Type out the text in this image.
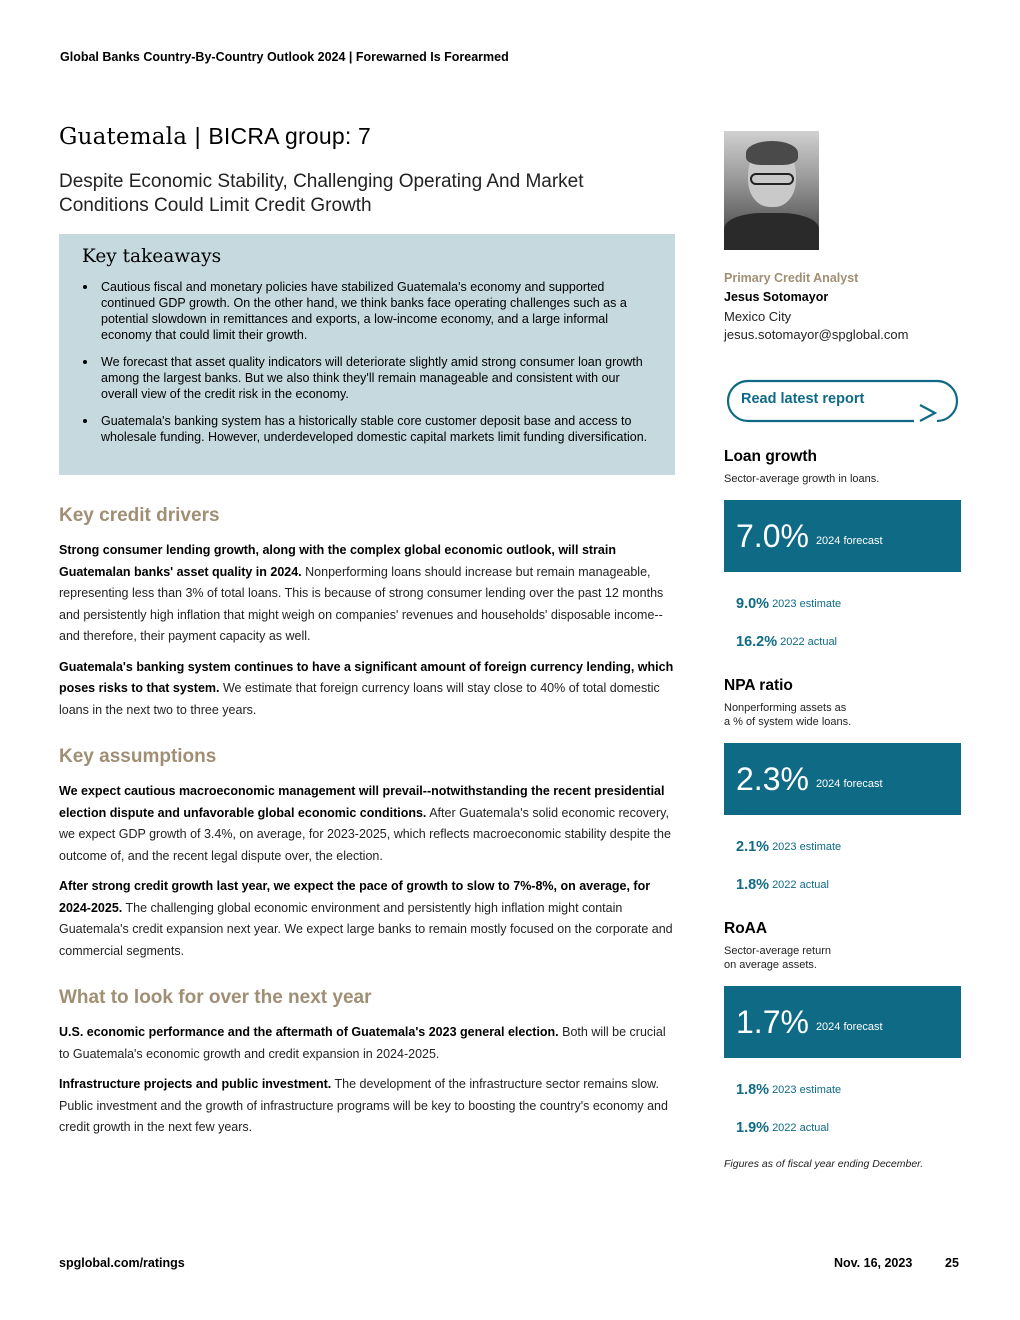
Global Banks Country-By-Country Outlook 2024 | Forewarned Is Forearmed
Guatemala | BICRA group: 7
Despite Economic Stability, Challenging Operating And Market Conditions Could Limit Credit Growth
Key takeaways
Cautious fiscal and monetary policies have stabilized Guatemala's economy and supported continued GDP growth. On the other hand, we think banks face operating challenges such as a potential slowdown in remittances and exports, a low-income economy, and a large informal economy that could limit their growth.
We forecast that asset quality indicators will deteriorate slightly amid strong consumer loan growth among the largest banks. But we also think they'll remain manageable and consistent with our overall view of the credit risk in the economy.
Guatemala's banking system has a historically stable core customer deposit base and access to wholesale funding. However, underdeveloped domestic capital markets limit funding diversification.
Key credit drivers

Strong consumer lending growth, along with the complex global economic outlook, will strain Guatemalan banks' asset quality in 2024. Nonperforming loans should increase but remain manageable, representing less than 3% of total loans. This is because of strong consumer lending over the past 12 months and persistently high inflation that might weigh on companies' revenues and households' disposable income--and therefore, their payment capacity as well.

Guatemala's banking system continues to have a significant amount of foreign currency lending, which poses risks to that system. We estimate that foreign currency loans will stay close to 40% of total domestic loans in the next two to three years.

Key assumptions

We expect cautious macroeconomic management will prevail--notwithstanding the recent presidential election dispute and unfavorable global economic conditions. After Guatemala's solid economic recovery, we expect GDP growth of 3.4%, on average, for 2023-2025, which reflects macroeconomic stability despite the outcome of, and the recent legal dispute over, the election.

After strong credit growth last year, we expect the pace of growth to slow to 7%-8%, on average, for 2024-2025. The challenging global economic environment and persistently high inflation might contain Guatemala's credit expansion next year. We expect large banks to remain mostly focused on the corporate and commercial segments.

What to look for over the next year

U.S. economic performance and the aftermath of Guatemala's 2023 general election. Both will be crucial to Guatemala's economic growth and credit expansion in 2024-2025.

Infrastructure projects and public investment. The development of the infrastructure sector remains slow. Public investment and the growth of infrastructure programs will be key to boosting the country's economy and credit growth in the next few years.

Primary Credit Analyst
Jesus Sotomayor
Mexico City
jesus.sotomayor@spglobal.com
Read latest report
Loan growth
Sector-average growth in loans.
7.0% 2024 forecast
9.0% 2023 estimate
16.2% 2022 actual
NPA ratio
Nonperforming assets as
a % of system wide loans.
2.3% 2024 forecast
2.1% 2023 estimate
1.8% 2022 actual
RoAA
Sector-average return
on average assets.
1.7% 2024 forecast
1.8% 2023 estimate
1.9% 2022 actual
Figures as of fiscal year ending December.
spglobal.com/ratings	Nov. 16, 2023	25
